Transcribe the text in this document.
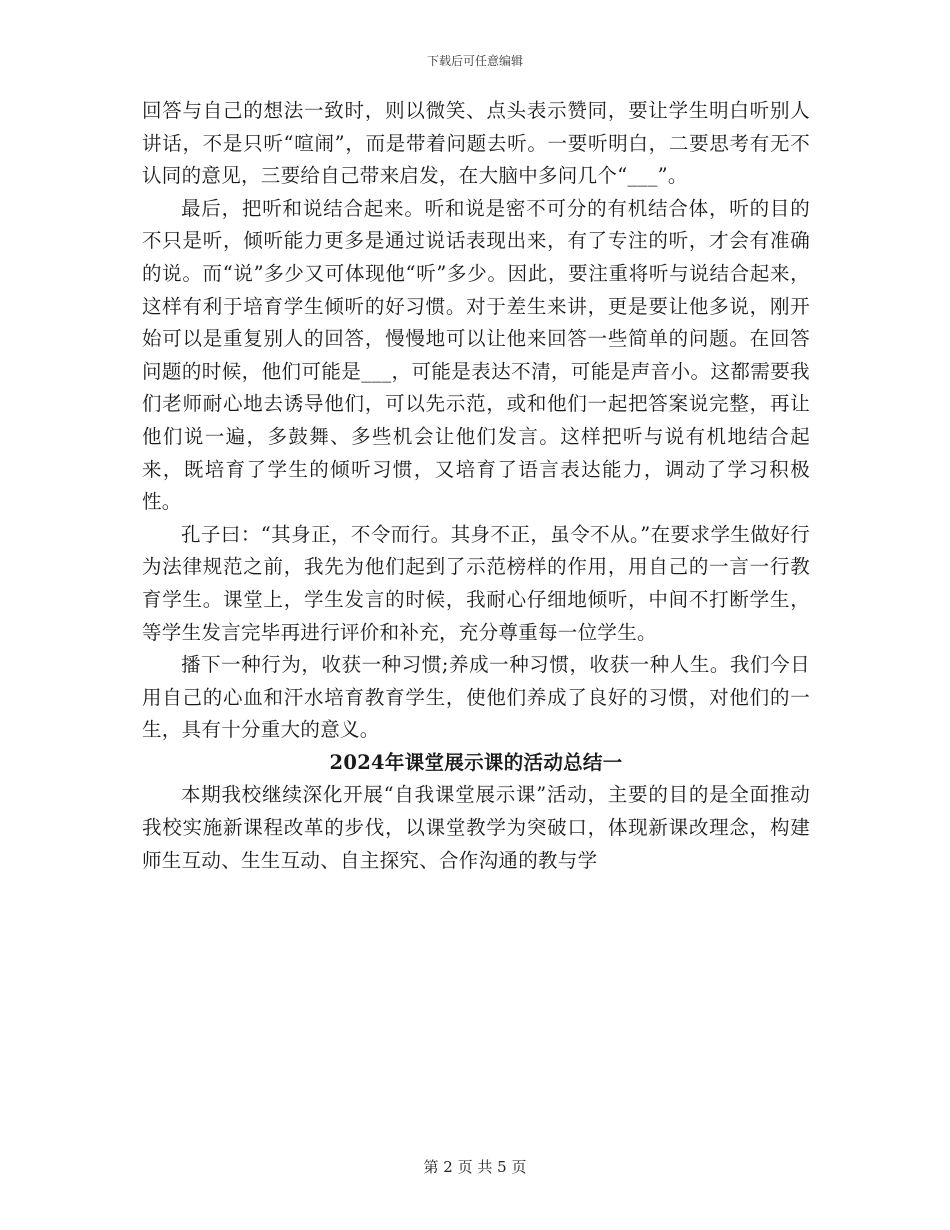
下载后可任意编辑

回答与自己的想法一致时，则以微笑、点头表示赞同，要让学生明白听别人讲话，不是只听“喧闹”，而是带着问题去听。一要听明白，二要思考有无不认同的意见，三要给自己带来启发，在大脑中多问几个“___”。

最后，把听和说结合起来。听和说是密不可分的有机结合体，听的目的不只是听，倾听能力更多是通过说话表现出来，有了专注的听，才会有准确的说。而“说”多少又可体现他“听”多少。因此，要注重将听与说结合起来，这样有利于培育学生倾听的好习惯。对于差生来讲，更是要让他多说，刚开始可以是重复别人的回答，慢慢地可以让他来回答一些简单的问题。在回答问题的时候，他们可能是___，可能是表达不清，可能是声音小。这都需要我们老师耐心地去诱导他们，可以先示范，或和他们一起把答案说完整，再让他们说一遍，多鼓舞、多些机会让他们发言。这样把听与说有机地结合起来，既培育了学生的倾听习惯，又培育了语言表达能力，调动了学习积极性。

孔子曰：“其身正，不令而行。其身不正，虽令不从。”在要求学生做好行为法律规范之前，我先为他们起到了示范榜样的作用，用自己的一言一行教育学生。课堂上，学生发言的时候，我耐心仔细地倾听，中间不打断学生，等学生发言完毕再进行评价和补充，充分尊重每一位学生。

播下一种行为，收获一种习惯;养成一种习惯，收获一种人生。我们今日用自己的心血和汗水培育教育学生，使他们养成了良好的习惯，对他们的一生，具有十分重大的意义。

2024年课堂展示课的活动总结一

本期我校继续深化开展“自我课堂展示课”活动，主要的目的是全面推动我校实施新课程改革的步伐，以课堂教学为突破口，体现新课改理念，构建师生互动、生生互动、自主探究、合作沟通的教与学

第 2 页 共 5 页
